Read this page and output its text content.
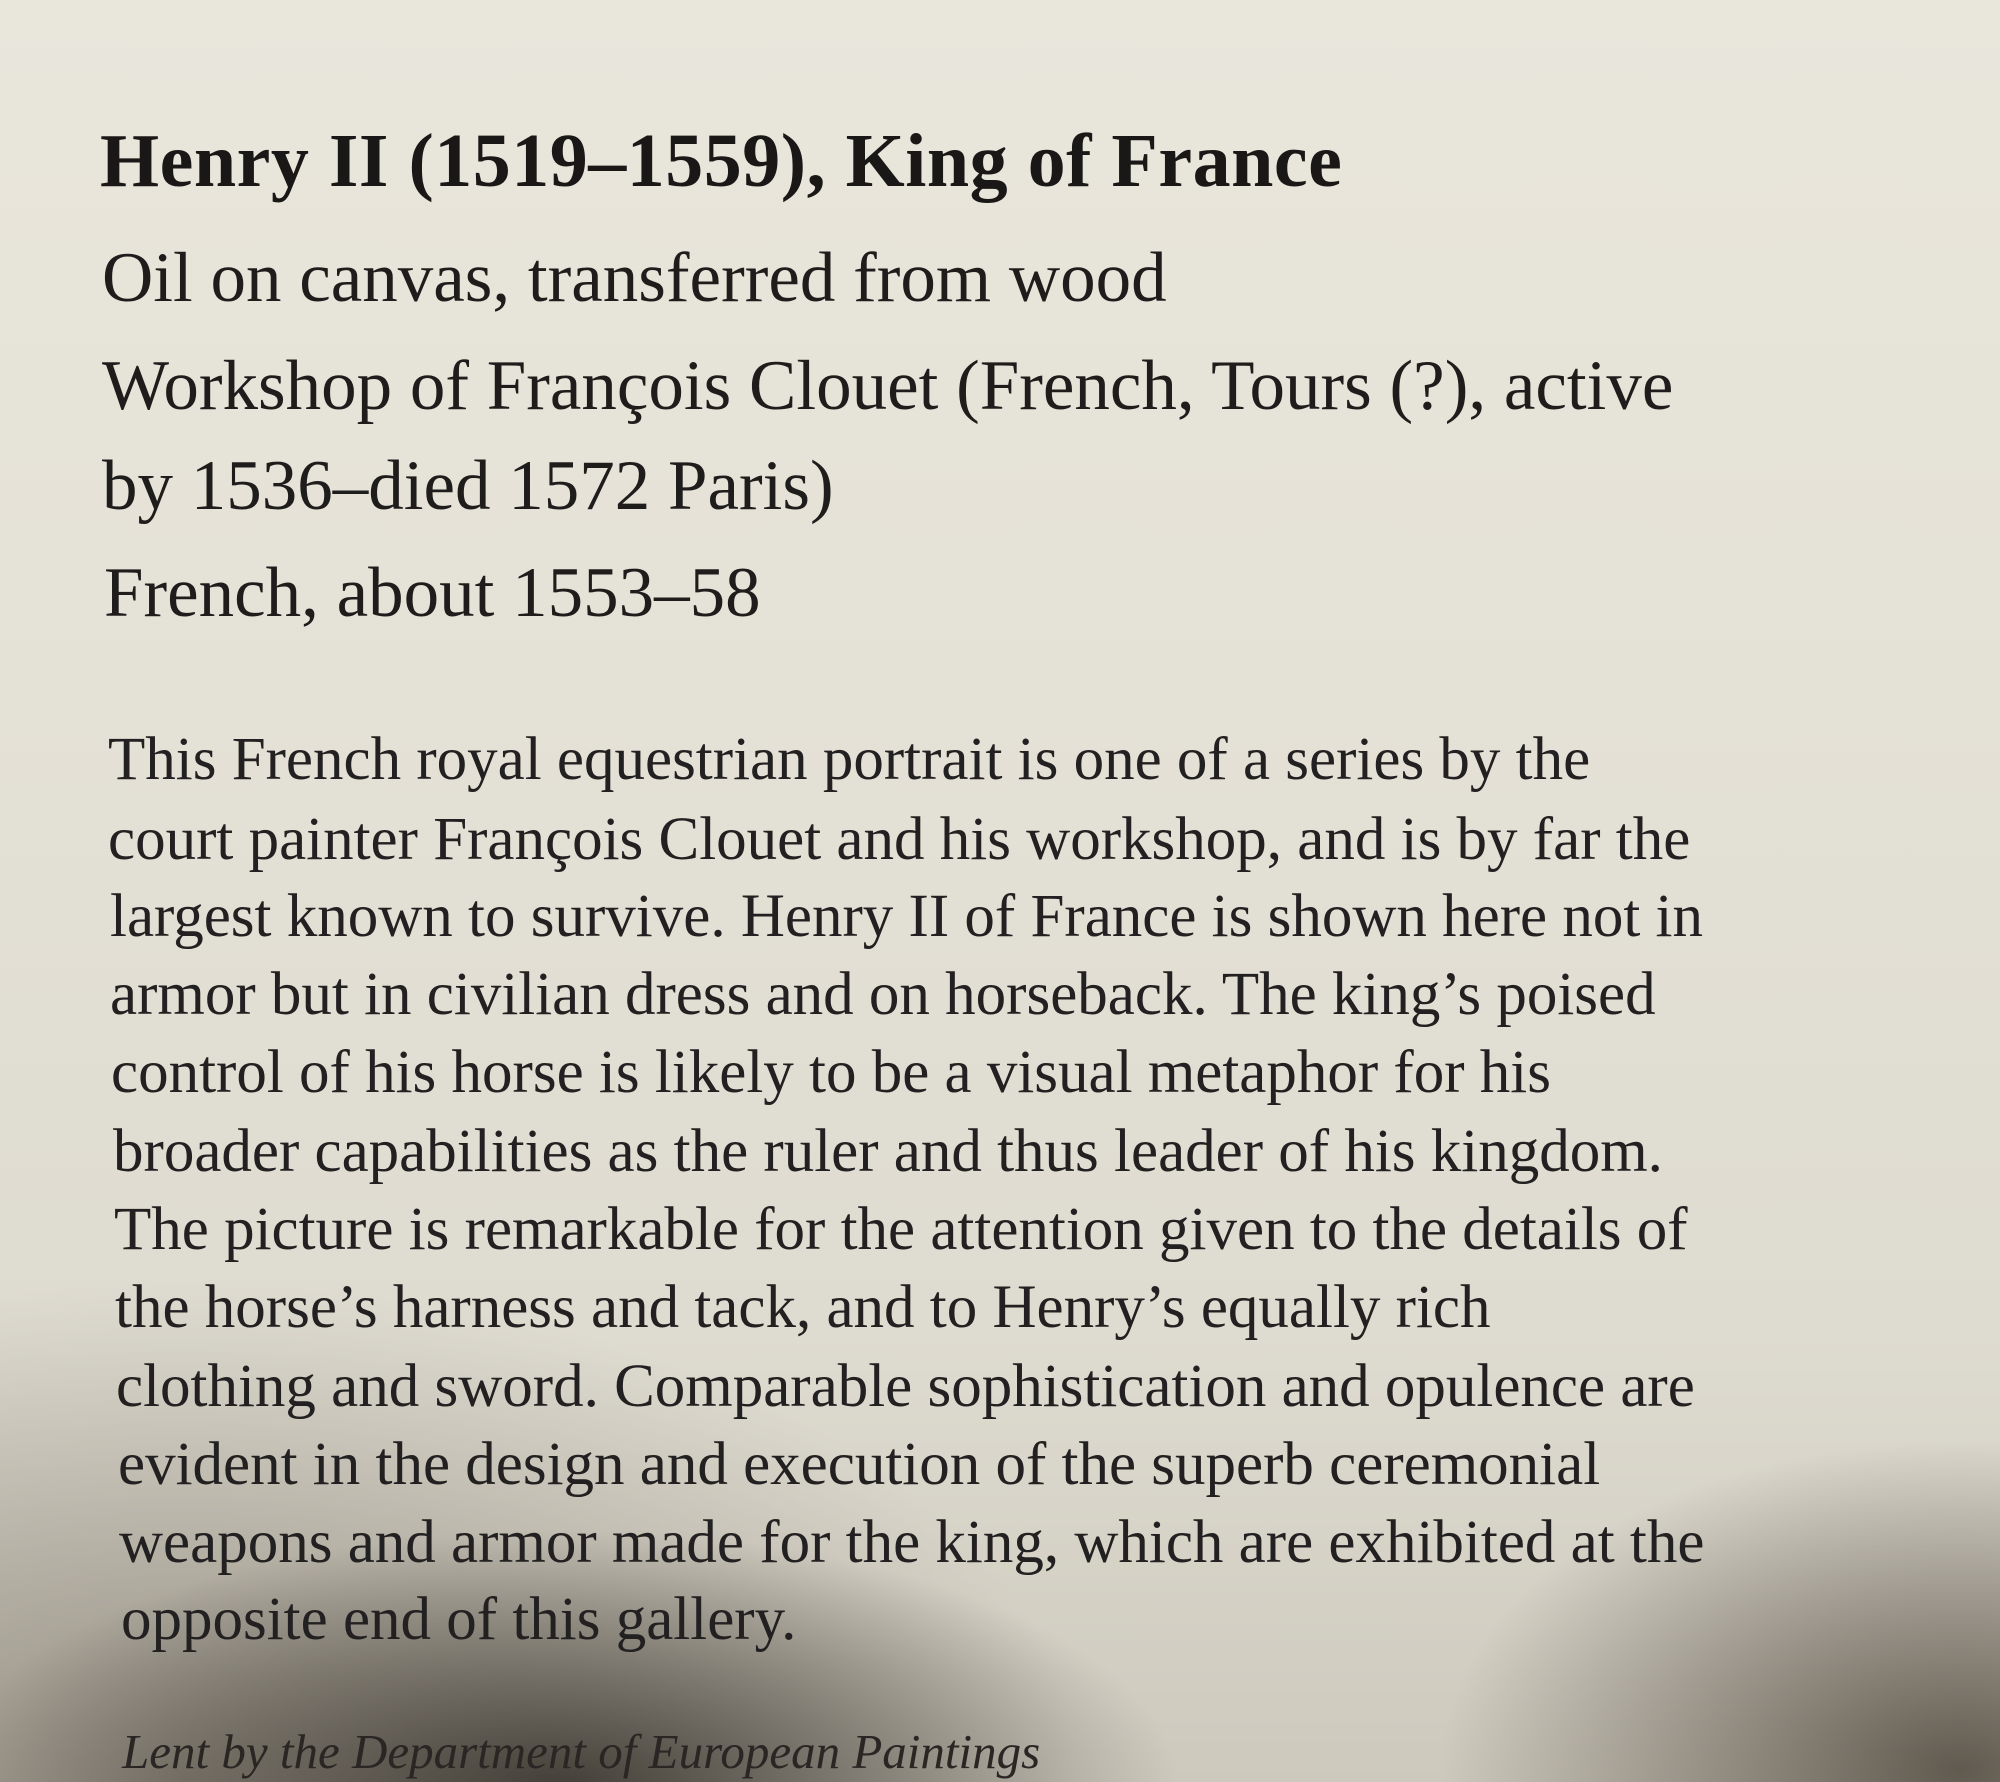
Henry II (1519–1559), King of France

Oil on canvas, transferred from wood

Workshop of François Clouet (French, Tours (?), active

by 1536–died 1572 Paris)

French, about 1553–58

This French royal equestrian portrait is one of a series by the

court painter François Clouet and his workshop, and is by far the

largest known to survive. Henry II of France is shown here not in

armor but in civilian dress and on horseback. The king’s poised

control of his horse is likely to be a visual metaphor for his

broader capabilities as the ruler and thus leader of his kingdom.

The picture is remarkable for the attention given to the details of

the horse’s harness and tack, and to Henry’s equally rich

clothing and sword. Comparable sophistication and opulence are

evident in the design and execution of the superb ceremonial

weapons and armor made for the king, which are exhibited at the

opposite end of this gallery.

Lent by the Department of European Paintings
